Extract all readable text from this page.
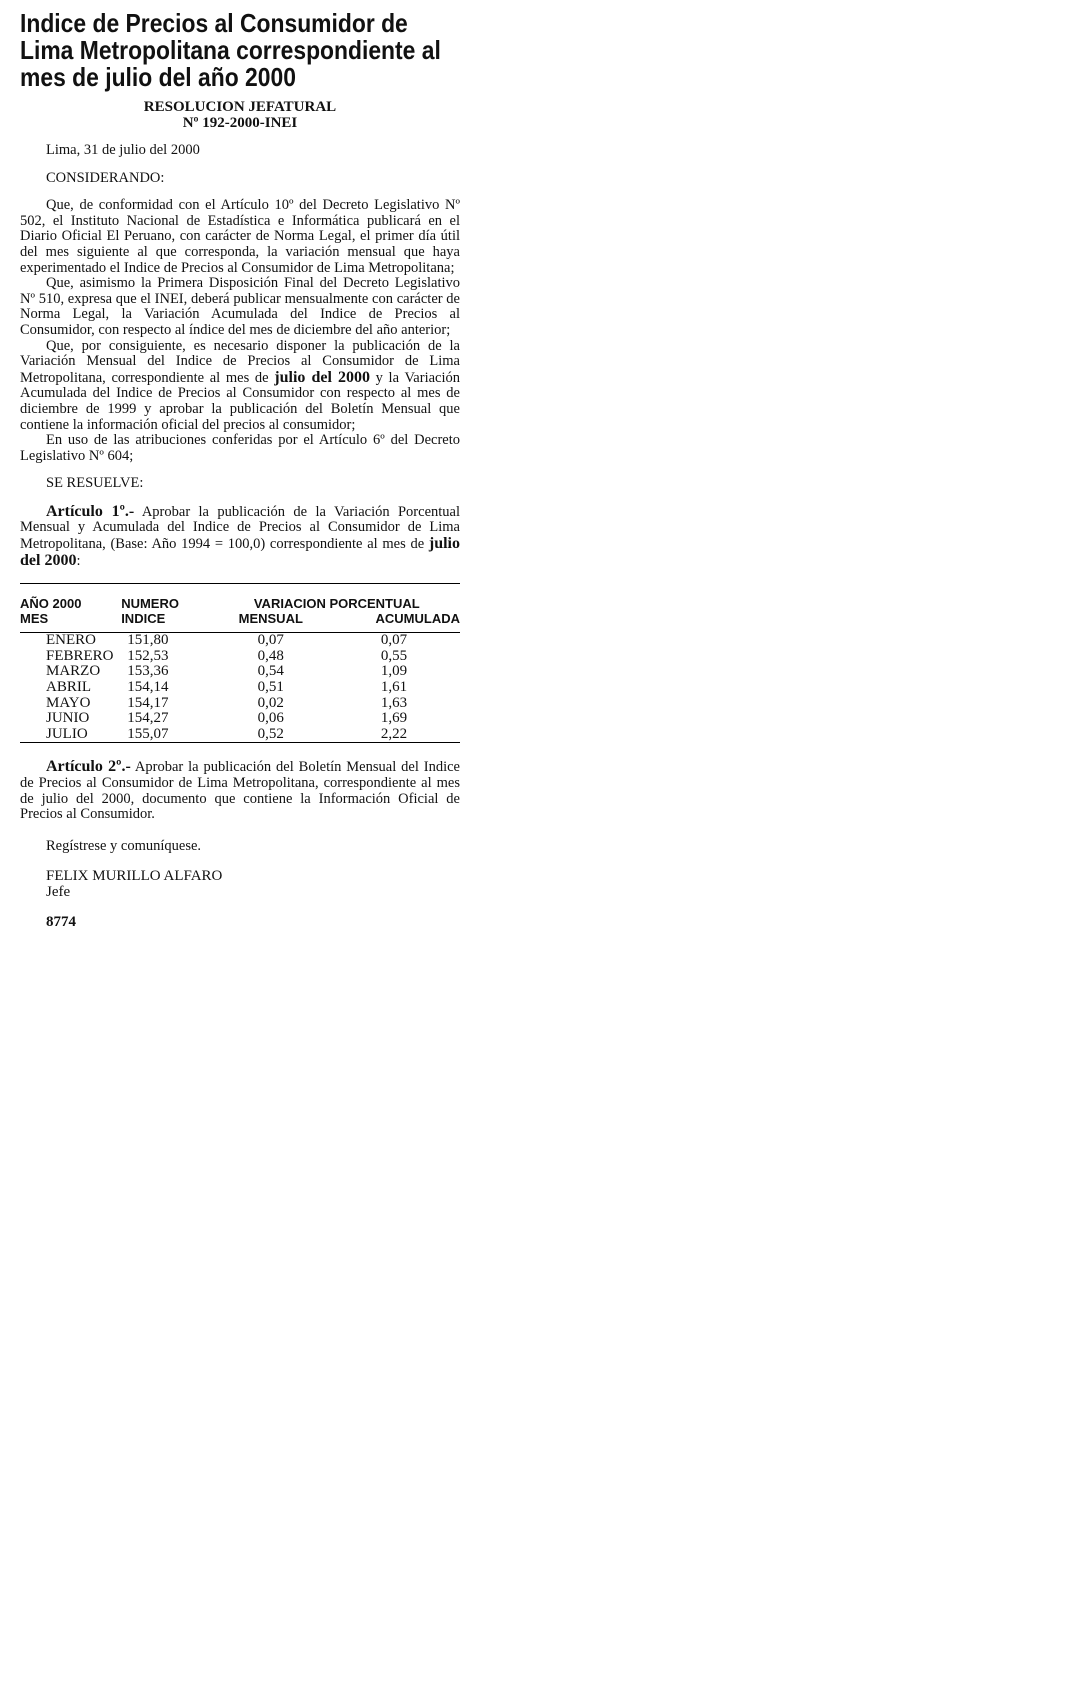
Indice de Precios al Consumidor de Lima Metropolitana correspondiente al mes de julio del año 2000
RESOLUCION JEFATURAL
Nº 192-2000-INEI

Lima, 31 de julio del 2000

CONSIDERANDO:

Que, de conformidad con el Artículo 10º del Decreto Legislativo Nº 502, el Instituto Nacional de Estadística e Informática publicará en el Diario Oficial El Peruano, con carácter de Norma Legal, el primer día útil del mes siguiente al que corresponda, la variación mensual que haya experimentado el Indice de Precios al Consumidor de Lima Metropolitana;

Que, asimismo la Primera Disposición Final del Decreto Legislativo Nº 510, expresa que el INEI, deberá publicar mensualmente con carácter de Norma Legal, la Variación Acumulada del Indice de Precios al Consumidor, con respecto al índice del mes de diciembre del año anterior;

Que, por consiguiente, es necesario disponer la publicación de la Variación Mensual del Indice de Precios al Consumidor de Lima Metropolitana, correspondiente al mes de julio del 2000 y la Variación Acumulada del Indice de Precios al Consumidor con respecto al mes de diciembre de 1999 y aprobar la publicación del Boletín Mensual que contiene la información oficial del precios al consumidor;

En uso de las atribuciones conferidas por el Artículo 6º del Decreto Legislativo Nº 604;

SE RESUELVE:

Artículo 1º.- Aprobar la publicación de la Variación Porcentual Mensual y Acumulada del Indice de Precios al Consumidor de Lima Metropolitana, (Base: Año 1994 = 100,0) correspondiente al mes de julio del 2000:

AÑO 2000	NUMERO	VARIACION PORCENTUAL	
MES	INDICE	MENSUAL	ACUMULADA

ENERO	151,80	0,07	0,07
FEBRERO	152,53	0,48	0,55
MARZO	153,36	0,54	1,09
ABRIL	154,14	0,51	1,61
MAYO	154,17	0,02	1,63
JUNIO	154,27	0,06	1,69
JULIO	155,07	0,52	2,22

Artículo 2º.- Aprobar la publicación del Boletín Mensual del Indice de Precios al Consumidor de Lima Metropolitana, correspondiente al mes de julio del 2000, documento que contiene la Información Oficial de Precios al Consumidor.

Regístrese y comuníquese.

FELIX MURILLO ALFARO
Jefe
8774
